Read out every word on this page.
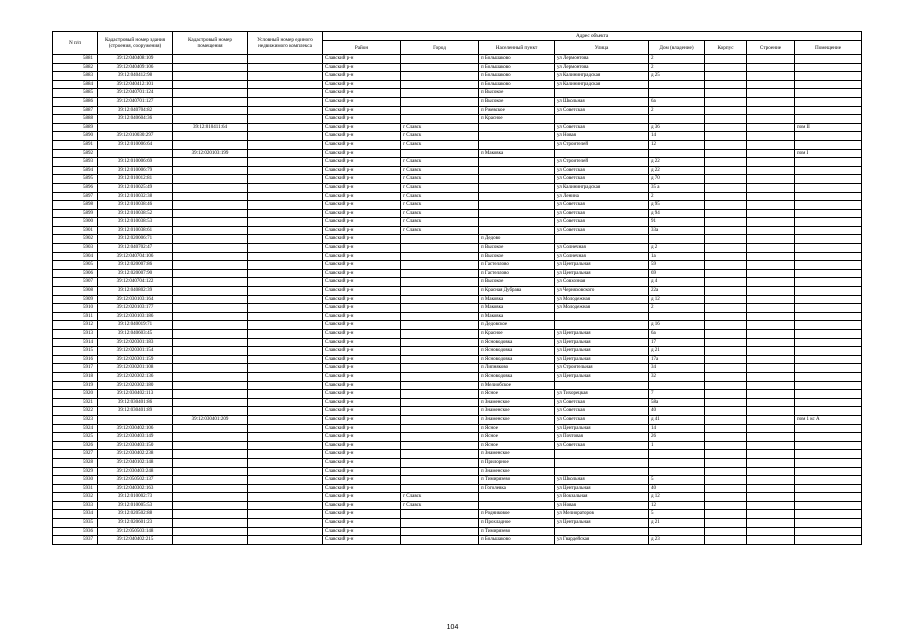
N п/п	Кадастровый номер здания (строения, сооружения)	Кадастровый номер помещения	Условный номер единого недвижимого комплекса	Адрес объекта							
				Район	Город	Населенный пункт	Улица	Дом (владение)	Корпус	Строение	Помещение
5881	39:12:040408:109			Славский р-н		п Большаково	ул Лермонтова	2			
5882	39:12:040409:106			Славский р-н		п Большаково	ул Лермонтова	2			
5883	39:12:040412:98			Славский р-н		п Большаково	ул Калининградская	д 25			
5884	39:12:040412:101			Славский р-н		п Большаково	ул Калининградская				
5885	39:12:040701:124			Славский р-н		п Высокое					
5886	39:12:040701:127			Славский р-н		п Высокое	ул Школьная	6а			
5887	39:12:040704:82			Славский р-н		п Ржевское	ул Советская	2			
5888	39:12:040604:36			Славский р-н		п Красное					
5889		39:12:010411:64		Славский р-н	г Славск		ул Советская	д 36			пом II
5890	39:12:010030:297			Славский р-н	г Славск		ул Новая	14			
5891	39:12:010006:64			Славский р-н	г Славск		ул Строителей	12			
5892		39:12:020103:199		Славский р-н		п Маковка					пом I
5893	39:12:010006:69			Славский р-н	г Славск		ул Строителей	д 22			
5894	39:12:010006:79			Славский р-н	г Славск		ул Советская	д 22			
5895	39:12:010012:81			Славский р-н	г Славск		ул Советская	д 70			
5896	39:12:010025:49			Славский р-н	г Славск		ул Калининградская	35 а			
5897	39:12:010032:38			Славский р-н	г Славск		ул Ленина	2			
5898	39:12:010038:46			Славский р-н	г Славск		ул Советская	д 95			
5899	39:12:010038:52			Славский р-н	г Славск		ул Советская	д 94			
5900	39:12:010038:53			Славский р-н	г Славск		ул Советская	91			
5901	39:12:010038:61			Славский р-н	г Славск		ул Советская	33а			
5902	39:12:020006:71			Славский р-н		п Дедово					
5903	39:12:040702:47			Славский р-н		п Высокое	ул Солнечная	д 2			
5904	39:12:040704:106			Славский р-н		п Высокое	ул Солнечная	1а			
5905	39:12:020007:86			Славский р-н		п Гастеллово	ул Центральная	59			
5906	39:12:020007:90			Славский р-н		п Гастеллово	ул Центральная	69			
5907	39:12:040704:122			Славский р-н		п Высокое	ул Совхозная	д 4			
5908	39:12:040802:39			Славский р-н		п Красная Дубрава	ул Черняховского	22а			
5909	39:12:030103:164			Славский р-н		п Маковка	ул Молодежная	д 12			
5910	39:12:020103:177			Славский р-н		п Маковка	ул Молодежная	2			
5911	39:12:030103:186			Славский р-н		п Маковка					
5912	39:12:040019:71			Славский р-н		п Дедовское		д 16			
5913	39:12:040603:45			Славский р-н		п Красное	ул Центральная	6а			
5914	39:12:020301:183			Славский р-н		п Ясноводовка	ул Центральная	17			
5915	39:12:020301:154			Славский р-н		п Ясноводовка	ул Центральная	д 21			
5916	39:12:020301:159			Славский р-н		п Ясноводовка	ул Центральная	17а			
5917	39:12:030201:108			Славский р-н		п Липняково	ул Строительная	34			
5918	39:12:020302:136			Славский р-н		п Ясноводовка	ул Центральная	32			
5919	39:12:020302:180			Славский р-н		п Мелиобское					
5920	39:12:030402:113			Славский р-н		п Ясное	ул Тихорецкая	7			
5921	39:12:030401:86			Славский р-н		п Знаменское	ул Советская	58а			
5922	39:12:030401:89			Славский р-н		п Знаменское	ул Советская	40			
5923		39:12:030401:209		Славский р-н		п Знаменское	ул Советская	д 41			пом 1 кс А
5924	39:12:030402:106			Славский р-н		п Ясное	ул Центральная	14			
5925	39:12:030403:149			Славский р-н		п Ясное	ул Почтовая	26			
5926	39:12:030403:150			Славский р-н		п Ясное	ул Советская	1			
5927	39:12:030402:238			Славский р-н		п Знаменское					
5928	39:12:040102:148			Славский р-н		п Прилорное					
5929	39:12:030403:248			Славский р-н		п Знаменское					
5930	39:12:050502:137			Славский р-н		п Тимирязево	ул Школьная	5			
5931	39:12:040302:163			Славский р-н		п Гоголевка	ул Центральная	40			
5932	39:12:010002:73			Славский р-н	г Славск		ул Вокзальная	д 12			
5933	39:12:010005:53			Славский р-н	г Славск		ул Новая	12			
5934	39:12:020502:88			Славский р-н		п Родниковое	ул Мелиораторов	5			
5935	39:12:020601:23			Славский р-н		п Прохладное	ул Центральная	д 21			
5936	39:12:050503:148			Славский р-н		п Тимирязево					
5937	39:12:040402:215			Славский р-н		п Большаково	ул Гвардейская	д 23			
104
